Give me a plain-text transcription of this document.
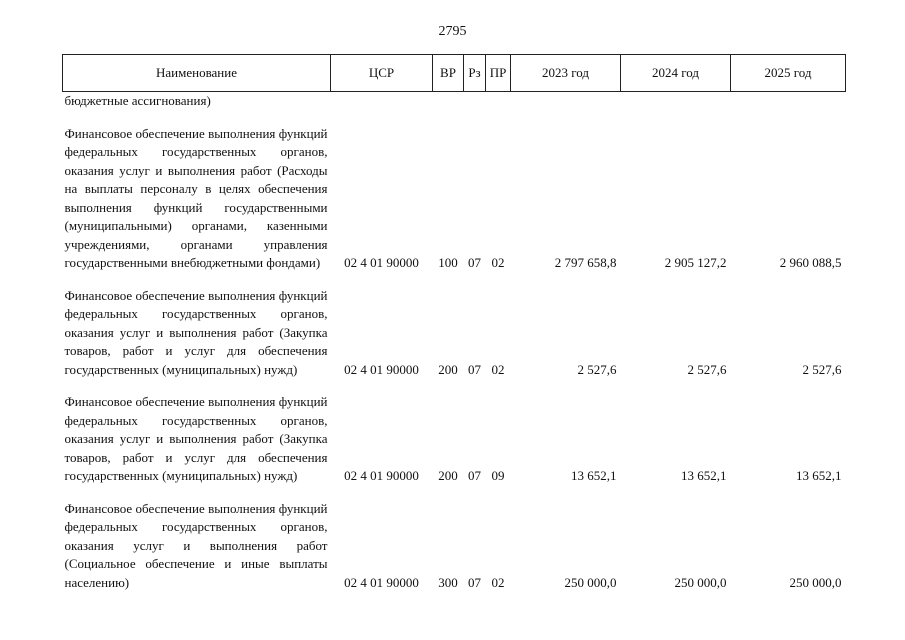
2795
Наименование	ЦСР	ВР	Рз	ПР	2023 год	2024 год	2025 год
бюджетные ассигнования)							

Финансовое обеспечение выполнения функций федеральных государственных органов, оказания услуг и выполнения работ (Расходы на выплаты персоналу в целях обеспечения выполнения функций государственными (муниципальными) органами, казенными учреждениями, органами управления государственными внебюджетными фондами)	02 4 01 90000	100	07	02	2 797 658,8	2 905 127,2	2 960 088,5

Финансовое обеспечение выполнения функций федеральных государственных органов, оказания услуг и выполнения работ (Закупка товаров, работ и услуг для обеспечения государственных (муниципальных) нужд)	02 4 01 90000	200	07	02	2 527,6	2 527,6	2 527,6

Финансовое обеспечение выполнения функций федеральных государственных органов, оказания услуг и выполнения работ (Закупка товаров, работ и услуг для обеспечения государственных (муниципальных) нужд)	02 4 01 90000	200	07	09	13 652,1	13 652,1	13 652,1

Финансовое обеспечение выполнения функций федеральных государственных органов, оказания услуг и выполнения работ (Социальное обеспечение и иные выплаты населению)	02 4 01 90000	300	07	02	250 000,0	250 000,0	250 000,0
